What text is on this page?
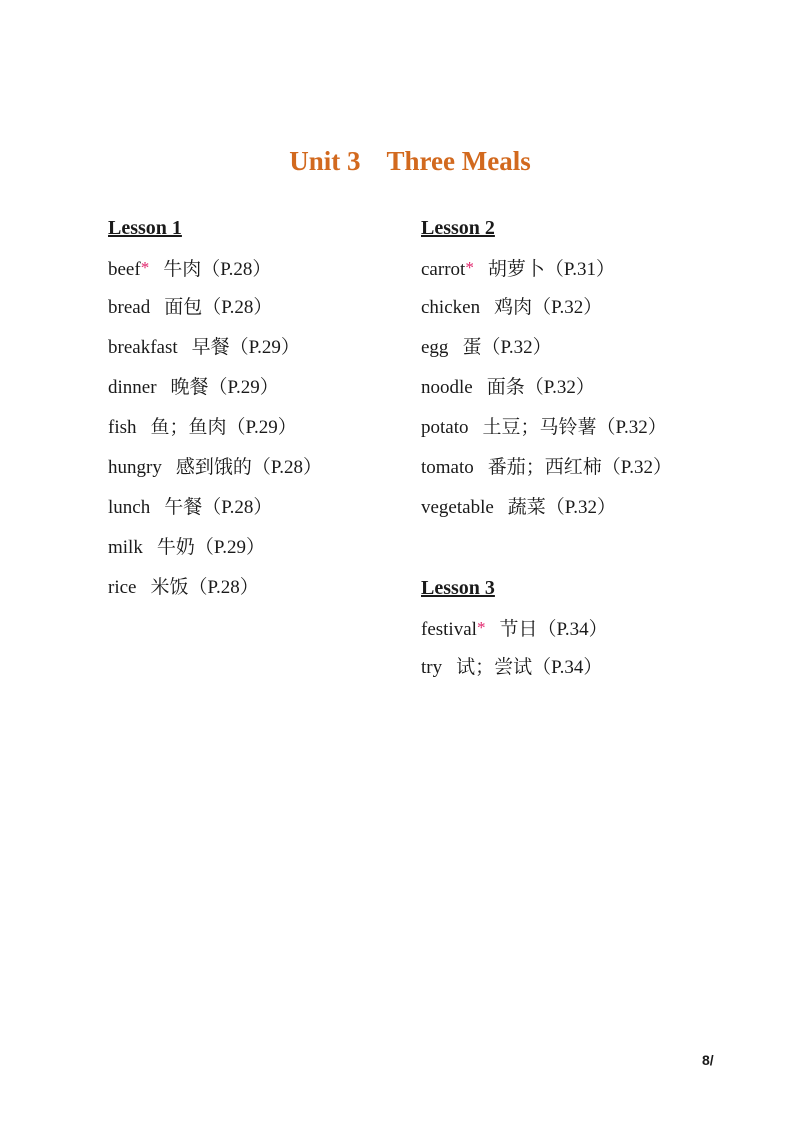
Unit 3 Three Meals
Lesson 1
beef* 牛肉（P.28）
bread 面包（P.28）
breakfast 早餐（P.29）
dinner 晚餐（P.29）
fish 鱼；鱼肉（P.29）
hungry 感到饿的（P.28）
lunch 午餐（P.28）
milk 牛奶（P.29）
rice 米饭（P.28）
Lesson 2
carrot* 胡萝卜（P.31）
chicken 鸡肉（P.32）
egg 蛋（P.32）
noodle 面条（P.32）
potato 土豆；马铃薯（P.32）
tomato 番茄；西红柿（P.32）
vegetable 蔬菜（P.32）
Lesson 3
festival* 节日（P.34）
try 试；尝试（P.34）
8/
